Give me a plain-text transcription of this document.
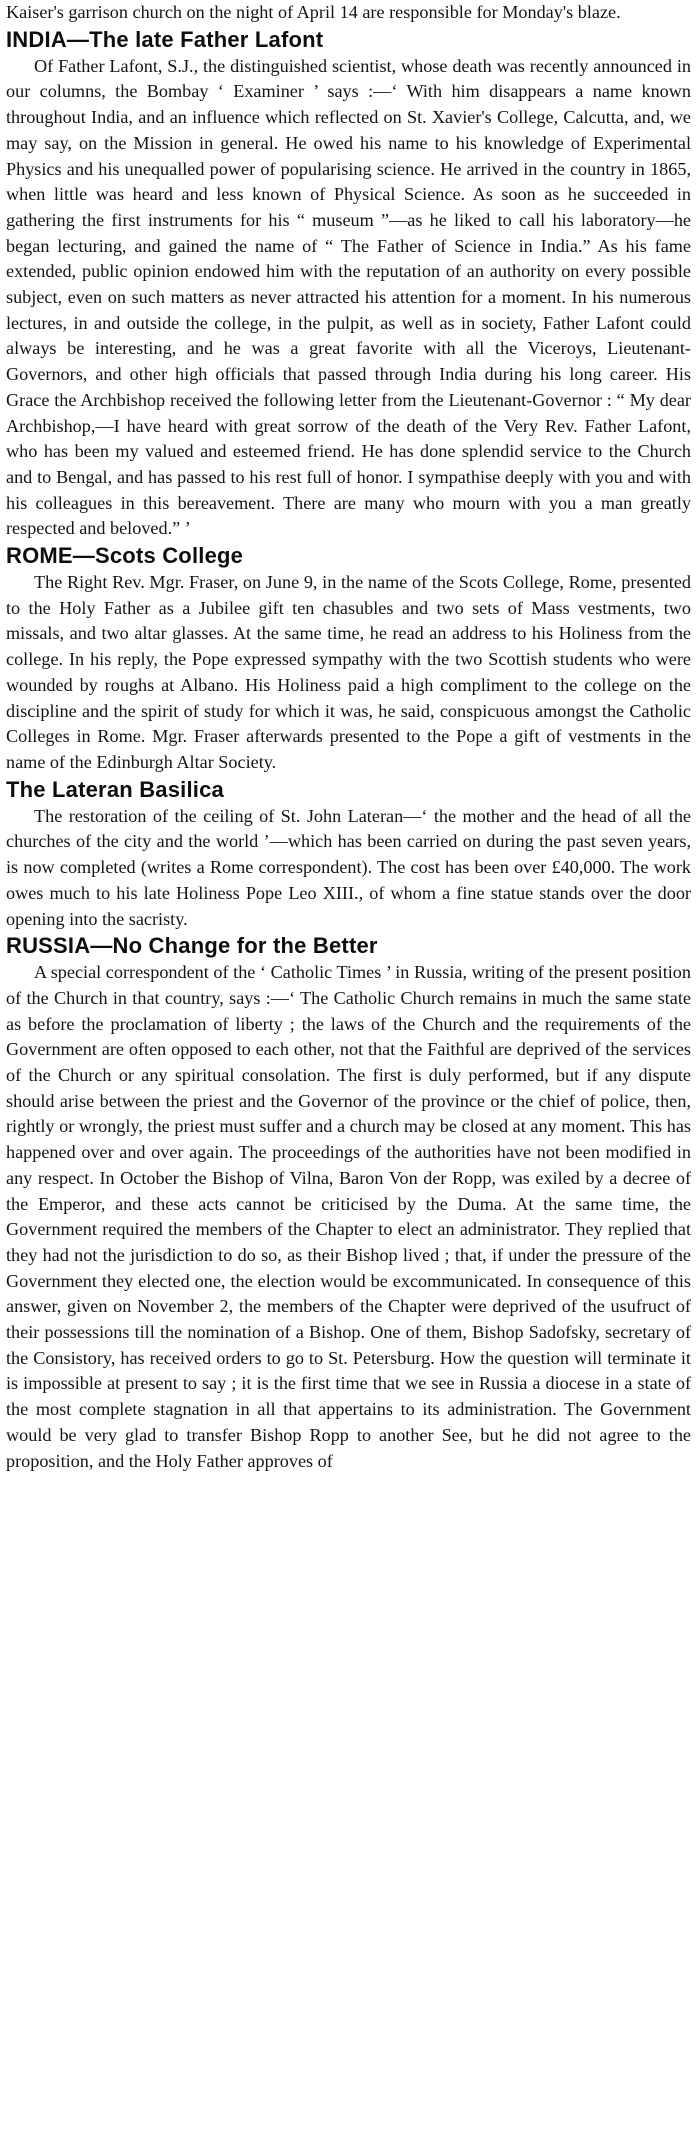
Kaiser's garrison church on the night of April 14 are responsible for Monday's blaze.

INDIA—The late Father Lafont

Of Father Lafont, S.J., the distinguished scientist, whose death was recently announced in our columns, the Bombay ‘ Examiner ’ says :—‘ With him disappears a name known throughout India, and an influence which reflected on St. Xavier's College, Calcutta, and, we may say, on the Mission in general. He owed his name to his knowledge of Experimental Physics and his unequalled power of popularising science. He arrived in the country in 1865, when little was heard and less known of Physical Science. As soon as he succeeded in gathering the first instruments for his “ museum ”—as he liked to call his laboratory—he began lecturing, and gained the name of “ The Father of Science in India.” As his fame extended, public opinion endowed him with the reputation of an authority on every possible subject, even on such matters as never attracted his attention for a moment. In his numerous lectures, in and outside the college, in the pulpit, as well as in society, Father Lafont could always be interesting, and he was a great favorite with all the Viceroys, Lieutenant-Governors, and other high officials that passed through India during his long career. His Grace the Archbishop received the following letter from the Lieutenant-Governor : “ My dear Archbishop,—I have heard with great sorrow of the death of the Very Rev. Father Lafont, who has been my valued and esteemed friend. He has done splendid service to the Church and to Bengal, and has passed to his rest full of honor. I sympathise deeply with you and with his colleagues in this bereavement. There are many who mourn with you a man greatly respected and beloved.” ’

ROME—Scots College

The Right Rev. Mgr. Fraser, on June 9, in the name of the Scots College, Rome, presented to the Holy Father as a Jubilee gift ten chasubles and two sets of Mass vestments, two missals, and two altar glasses. At the same time, he read an address to his Holiness from the college. In his reply, the Pope expressed sympathy with the two Scottish students who were wounded by roughs at Albano. His Holiness paid a high compliment to the college on the discipline and the spirit of study for which it was, he said, conspicuous amongst the Catholic Colleges in Rome. Mgr. Fraser afterwards presented to the Pope a gift of vestments in the name of the Edinburgh Altar Society.

The Lateran Basilica

The restoration of the ceiling of St. John Lateran—‘ the mother and the head of all the churches of the city and the world ’—which has been carried on during the past seven years, is now completed (writes a Rome correspondent). The cost has been over £40,000. The work owes much to his late Holiness Pope Leo XIII., of whom a fine statue stands over the door opening into the sacristy.

RUSSIA—No Change for the Better

A special correspondent of the ‘ Catholic Times ’ in Russia, writing of the present position of the Church in that country, says :—‘ The Catholic Church remains in much the same state as before the proclamation of liberty ; the laws of the Church and the requirements of the Government are often opposed to each other, not that the Faithful are deprived of the services of the Church or any spiritual consolation. The first is duly performed, but if any dispute should arise between the priest and the Governor of the province or the chief of police, then, rightly or wrongly, the priest must suffer and a church may be closed at any moment. This has happened over and over again. The proceedings of the authorities have not been modified in any respect. In October the Bishop of Vilna, Baron Von der Ropp, was exiled by a decree of the Emperor, and these acts cannot be criticised by the Duma. At the same time, the Government required the members of the Chapter to elect an administrator. They replied that they had not the jurisdiction to do so, as their Bishop lived ; that, if under the pressure of the Government they elected one, the election would be excommunicated. In consequence of this answer, given on November 2, the members of the Chapter were deprived of the usufruct of their possessions till the nomination of a Bishop. One of them, Bishop Sadofsky, secretary of the Consistory, has received orders to go to St. Petersburg. How the question will terminate it is impossible at present to say ; it is the first time that we see in Russia a diocese in a state of the most complete stagnation in all that appertains to its administration. The Government would be very glad to transfer Bishop Ropp to another See, but he did not agree to the proposition, and the Holy Father approves of
